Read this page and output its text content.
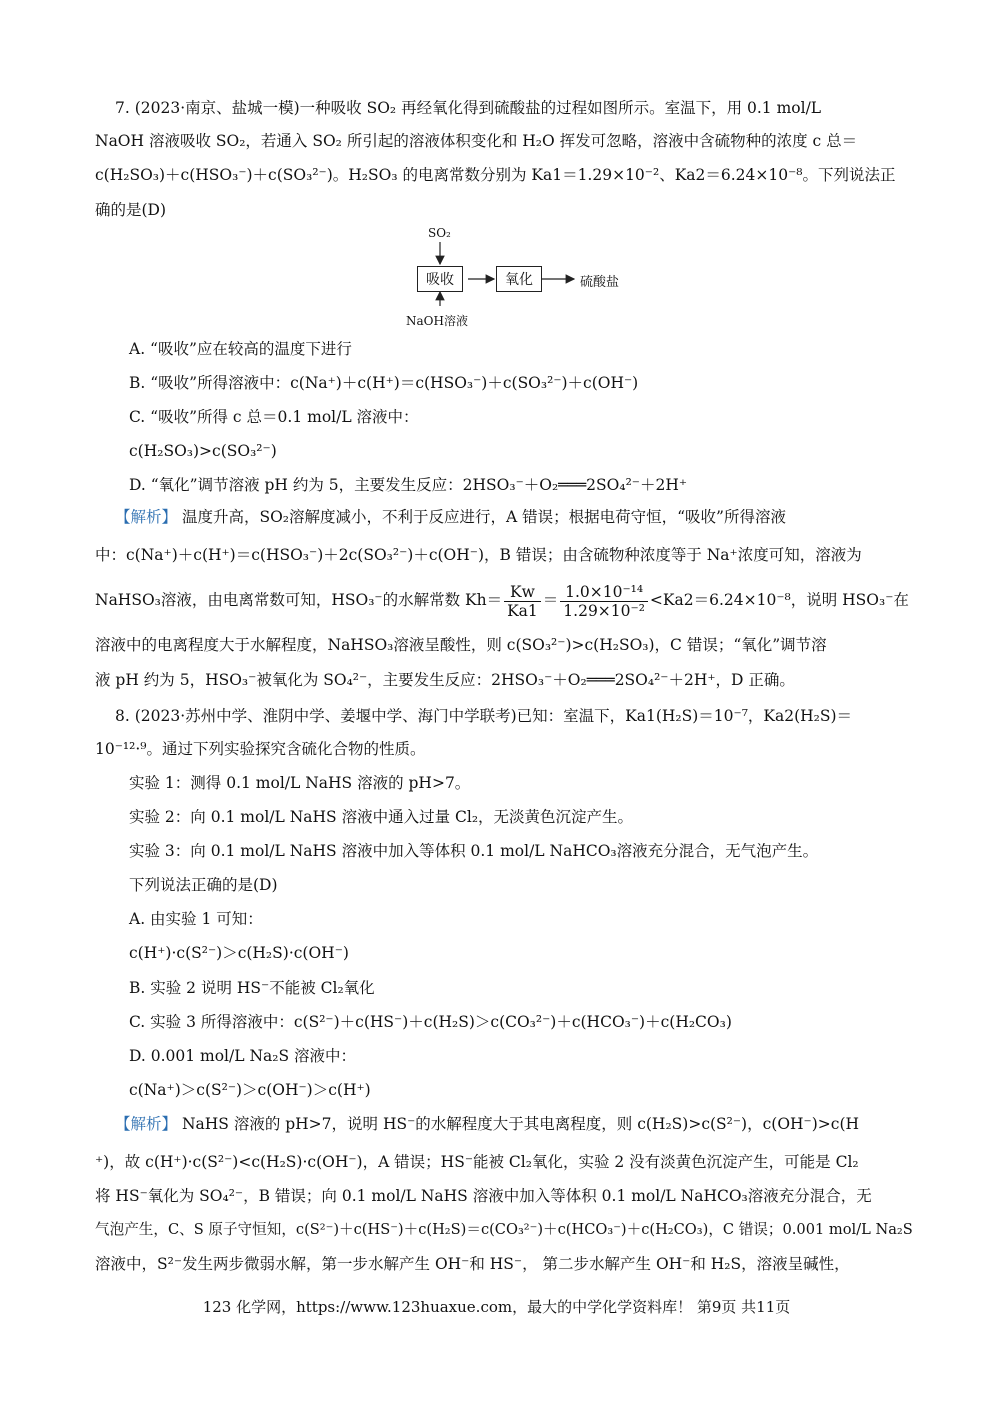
7. (2023·南京、盐城一模)一种吸收 SO₂ 再经氧化得到硫酸盐的过程如图所示。室温下，用 0.1 mol/L
NaOH 溶液吸收 SO₂，若通入 SO₂ 所引起的溶液体积变化和 H₂O 挥发可忽略，溶液中含硫物种的浓度 c 总＝
c(H₂SO₃)＋c(HSO₃⁻)＋c(SO₃²⁻)。H₂SO₃ 的电离常数分别为 Ka1＝1.29×10⁻²、Ka2＝6.24×10⁻⁸。下列说法正
确的是(D)
SO₂
吸收	氧化	硫酸盐
NaOH溶液
A. “吸收”应在较高的温度下进行
B. “吸收”所得溶液中：c(Na⁺)＋c(H⁺)＝c(HSO₃⁻)＋c(SO₃²⁻)＋c(OH⁻)
C. “吸收”所得 c 总＝0.1 mol/L 溶液中：
c(H₂SO₃)>c(SO₃²⁻)
D. “氧化”调节溶液 pH 约为 5，主要发生反应：2HSO₃⁻＋O₂═══2SO₄²⁻＋2H⁺
【解析】 温度升高，SO₂溶解度减小，不利于反应进行，A 错误；根据电荷守恒，“吸收”所得溶液
中：c(Na⁺)＋c(H⁺)＝c(HSO₃⁻)＋2c(SO₃²⁻)＋c(OH⁻)，B 错误；由含硫物种浓度等于 Na⁺浓度可知，溶液为
NaHSO₃溶液，由电离常数可知，HSO₃⁻的水解常数 $Kh= \frac{Kw}{Ka1} = \frac{\text{1.0×10⁻¹⁴}}{\text{1.29×10⁻²}} <Ka2=6.24\times 10^{-8}$，说明 HSO₃⁻在
溶液中的电离程度大于水解程度，NaHSO₃溶液呈酸性，则 c(SO₃²⁻)>c(H₂SO₃)，C 错误；“氧化”调节溶
液 pH 约为 5，HSO₃⁻被氧化为 SO₄²⁻，主要发生反应：2HSO₃⁻＋O₂═══2SO₄²⁻＋2H⁺，D 正确。
8. (2023·苏州中学、淮阴中学、姜堰中学、海门中学联考)已知：室温下，Ka1(H₂S)＝10⁻⁷，Ka2(H₂S)＝
10⁻¹²·⁹。通过下列实验探究含硫化合物的性质。
实验 1：测得 0.1 mol/L NaHS 溶液的 pH>7。
实验 2：向 0.1 mol/L NaHS 溶液中通入过量 Cl₂，无淡黄色沉淀产生。
实验 3：向 0.1 mol/L NaHS 溶液中加入等体积 0.1 mol/L NaHCO₃溶液充分混合，无气泡产生。
下列说法正确的是(D)
A. 由实验 1 可知：
c(H⁺)·c(S²⁻)＞c(H₂S)·c(OH⁻)
B. 实验 2 说明 HS⁻不能被 Cl₂氧化
C. 实验 3 所得溶液中：c(S²⁻)＋c(HS⁻)＋c(H₂S)＞c(CO₃²⁻)＋c(HCO₃⁻)＋c(H₂CO₃)
D. 0.001 mol/L Na₂S 溶液中：
c(Na⁺)＞c(S²⁻)＞c(OH⁻)＞c(H⁺)
【解析】 NaHS 溶液的 pH>7，说明 HS⁻的水解程度大于其电离程度，则 c(H₂S)>c(S²⁻)，c(OH⁻)>c(H
⁺)，故 c(H⁺)·c(S²⁻)<c(H₂S)·c(OH⁻)，A 错误；HS⁻能被 Cl₂氧化，实验 2 没有淡黄色沉淀产生，可能是 Cl₂
将 HS⁻氧化为 SO₄²⁻，B 错误；向 0.1 mol/L NaHS 溶液中加入等体积 0.1 mol/L NaHCO₃溶液充分混合，无
气泡产生，C、S 原子守恒知，c(S²⁻)＋c(HS⁻)＋c(H₂S)＝c(CO₃²⁻)＋c(HCO₃⁻)＋c(H₂CO₃)，C 错误；0.001 mol/L Na₂S
溶液中，S²⁻发生两步微弱水解，第一步水解产生 OH⁻和 HS⁻， 第二步水解产生 OH⁻和 H₂S，溶液呈碱性，
123 化学网，https://www.123huaxue.com，最大的中学化学资料库！ 第9页 共11页
